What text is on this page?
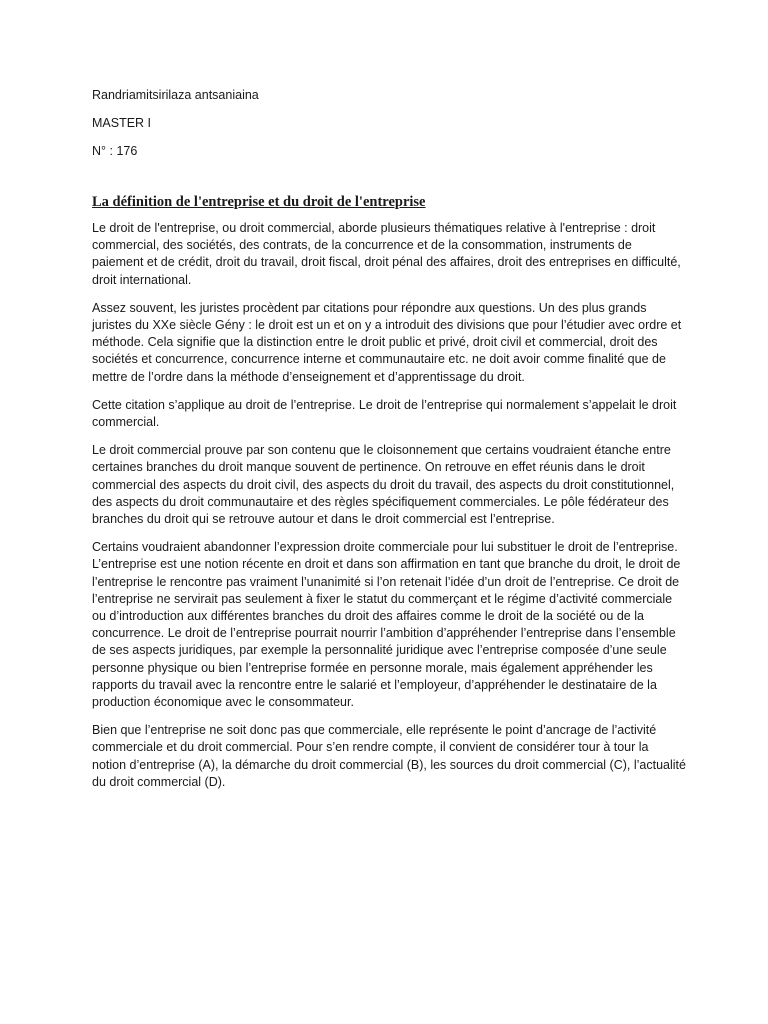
Randriamitsirilaza antsaniaina
MASTER I
N° : 176
La définition de l'entreprise et du droit de l'entreprise

Le droit de l'entreprise, ou droit commercial, aborde plusieurs thématiques relative à l'entreprise : droit commercial, des sociétés, des contrats, de la concurrence et de la consommation, instruments de paiement et de crédit, droit du travail, droit fiscal, droit pénal des affaires, droit des entreprises en difficulté, droit international.

Assez souvent, les juristes procèdent par citations pour répondre aux questions. Un des plus grands juristes du XXe siècle Gény : le droit est un et on y a introduit des divisions que pour l’étudier avec ordre et méthode. Cela signifie que la distinction entre le droit public et privé, droit civil et commercial, droit des sociétés et concurrence, concurrence interne et communautaire etc. ne doit avoir comme finalité que de mettre de l’ordre dans la méthode d’enseignement et d’apprentissage du droit.

Cette citation s’applique au droit de l’entreprise. Le droit de l’entreprise qui normalement s’appelait le droit commercial.

Le droit commercial prouve par son contenu que le cloisonnement que certains voudraient étanche entre certaines branches du droit manque souvent de pertinence. On retrouve en effet réunis dans le droit commercial des aspects du droit civil, des aspects du droit du travail, des aspects du droit constitutionnel, des aspects du droit communautaire et des règles spécifiquement commerciales. Le pôle fédérateur des branches du droit qui se retrouve autour et dans le droit commercial est l’entreprise.

Certains voudraient abandonner l’expression droite commerciale pour lui substituer le droit de l’entreprise. L’entreprise est une notion récente en droit et dans son affirmation en tant que branche du droit, le droit de l’entreprise le rencontre pas vraiment l’unanimité si l’on retenait l’idée d’un droit de l’entreprise. Ce droit de l’entreprise ne servirait pas seulement à fixer le statut du commerçant et le régime d’activité commerciale ou d’introduction aux différentes branches du droit des affaires comme le droit de la société ou de la concurrence. Le droit de l’entreprise pourrait nourrir l’ambition d’appréhender l’entreprise dans l’ensemble de ses aspects juridiques, par exemple la personnalité juridique avec l’entreprise composée d’une seule personne physique ou bien l’entreprise formée en personne morale, mais également appréhender les rapports du travail avec la rencontre entre le salarié et l’employeur, d’appréhender le destinataire de la production économique avec le consommateur.

Bien que l’entreprise ne soit donc pas que commerciale, elle représente le point d’ancrage de l’activité commerciale et du droit commercial. Pour s’en rendre compte, il convient de considérer tour à tour la notion d’entreprise (A), la démarche du droit commercial (B), les sources du droit commercial (C), l’actualité du droit commercial (D).
